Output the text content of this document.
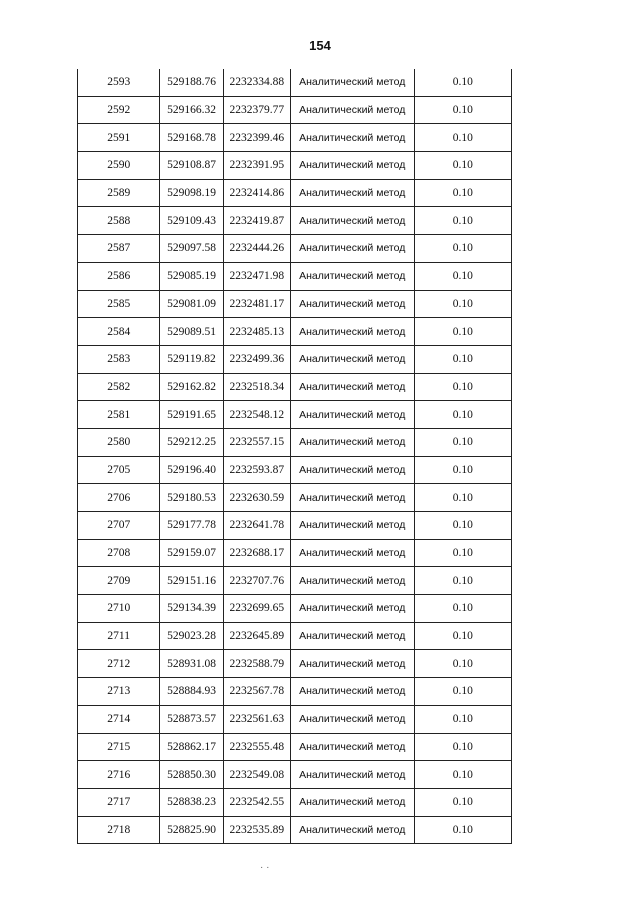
154
2593	529188.76	2232334.88	Аналитический метод	0.10
2592	529166.32	2232379.77	Аналитический метод	0.10
2591	529168.78	2232399.46	Аналитический метод	0.10
2590	529108.87	2232391.95	Аналитический метод	0.10
2589	529098.19	2232414.86	Аналитический метод	0.10
2588	529109.43	2232419.87	Аналитический метод	0.10
2587	529097.58	2232444.26	Аналитический метод	0.10
2586	529085.19	2232471.98	Аналитический метод	0.10
2585	529081.09	2232481.17	Аналитический метод	0.10
2584	529089.51	2232485.13	Аналитический метод	0.10
2583	529119.82	2232499.36	Аналитический метод	0.10
2582	529162.82	2232518.34	Аналитический метод	0.10
2581	529191.65	2232548.12	Аналитический метод	0.10
2580	529212.25	2232557.15	Аналитический метод	0.10
2705	529196.40	2232593.87	Аналитический метод	0.10
2706	529180.53	2232630.59	Аналитический метод	0.10
2707	529177.78	2232641.78	Аналитический метод	0.10
2708	529159.07	2232688.17	Аналитический метод	0.10
2709	529151.16	2232707.76	Аналитический метод	0.10
2710	529134.39	2232699.65	Аналитический метод	0.10
2711	529023.28	2232645.89	Аналитический метод	0.10
2712	528931.08	2232588.79	Аналитический метод	0.10
2713	528884.93	2232567.78	Аналитический метод	0.10
2714	528873.57	2232561.63	Аналитический метод	0.10
2715	528862.17	2232555.48	Аналитический метод	0.10
2716	528850.30	2232549.08	Аналитический метод	0.10
2717	528838.23	2232542.55	Аналитический метод	0.10
2718	528825.90	2232535.89	Аналитический метод	0.10
· ·
